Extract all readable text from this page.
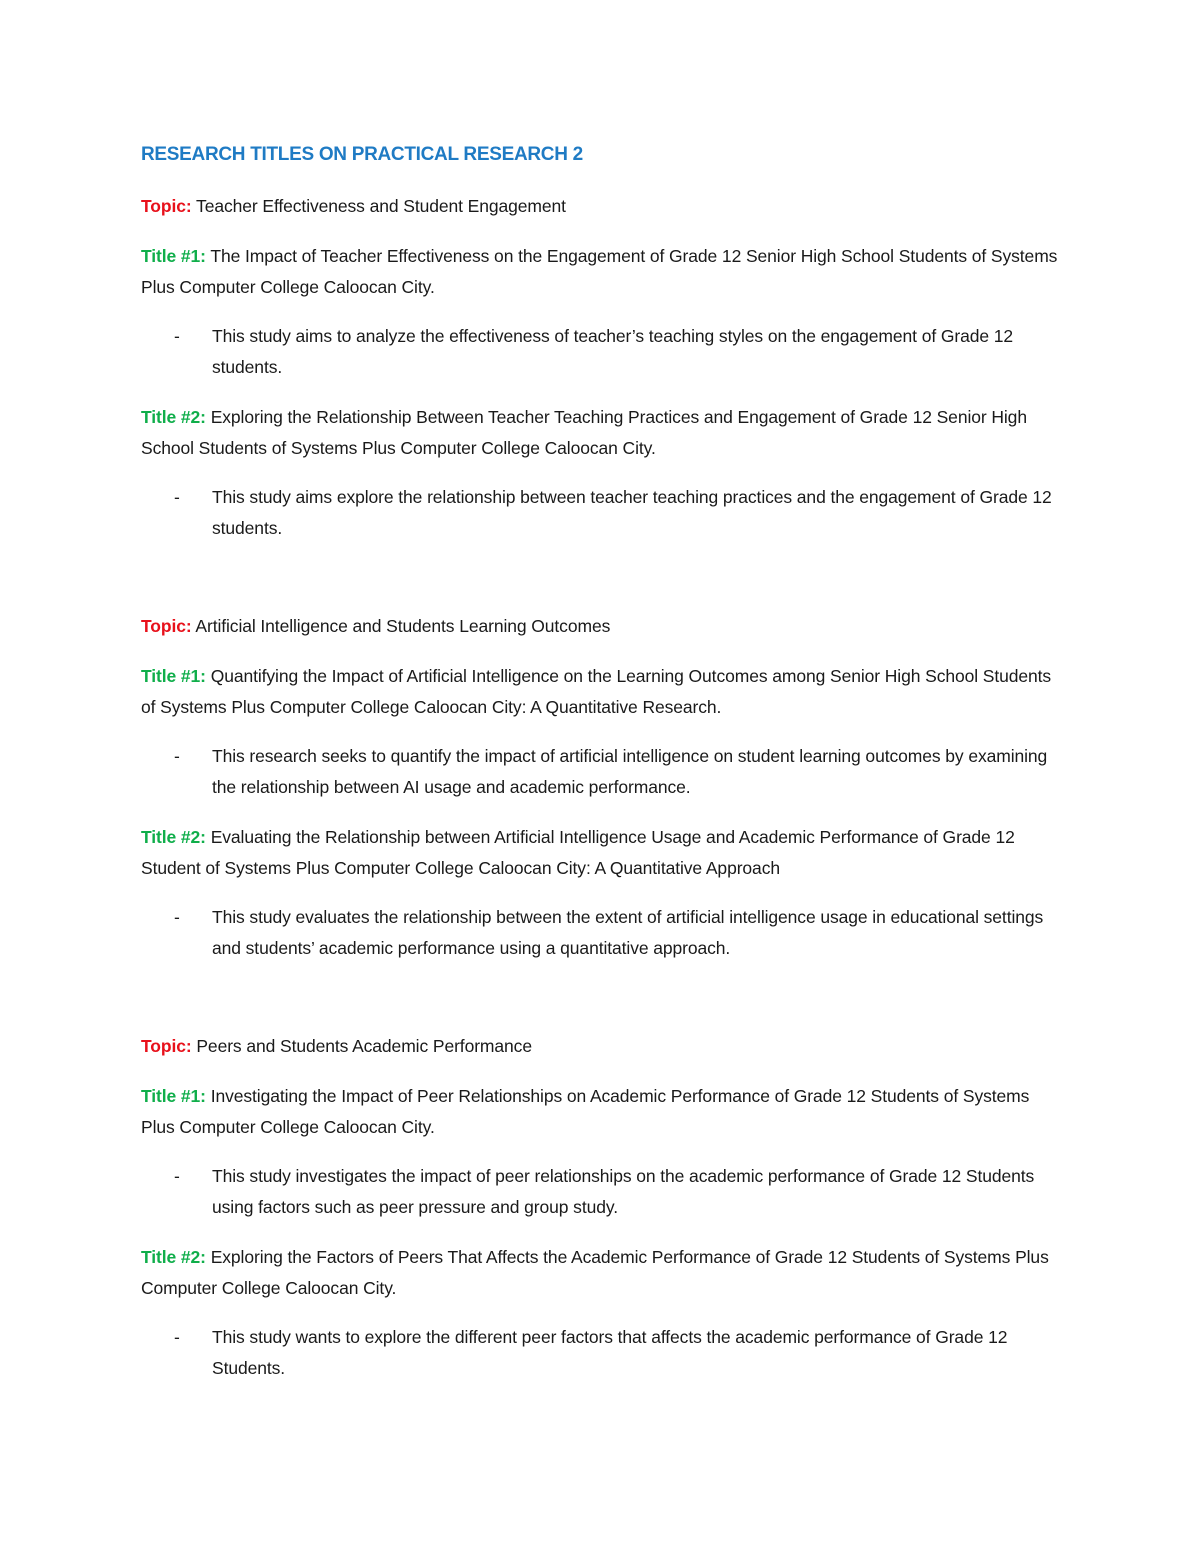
RESEARCH TITLES ON PRACTICAL RESEARCH 2
Topic: Teacher Effectiveness and Student Engagement
Title #1: The Impact of Teacher Effectiveness on the Engagement of Grade 12 Senior High School Students of Systems Plus Computer College Caloocan City.
- This study aims to analyze the effectiveness of teacher’s teaching styles on the engagement of Grade 12 students.
Title #2: Exploring the Relationship Between Teacher Teaching Practices and Engagement of Grade 12 Senior High School Students of Systems Plus Computer College Caloocan City.
- This study aims explore the relationship between teacher teaching practices and the engagement of Grade 12 students.
Topic: Artificial Intelligence and Students Learning Outcomes
Title #1: Quantifying the Impact of Artificial Intelligence on the Learning Outcomes among Senior High School Students of Systems Plus Computer College Caloocan City: A Quantitative Research.
- This research seeks to quantify the impact of artificial intelligence on student learning outcomes by examining the relationship between AI usage and academic performance.
Title #2: Evaluating the Relationship between Artificial Intelligence Usage and Academic Performance of Grade 12 Student of Systems Plus Computer College Caloocan City: A Quantitative Approach
- This study evaluates the relationship between the extent of artificial intelligence usage in educational settings and students’ academic performance using a quantitative approach.
Topic: Peers and Students Academic Performance
Title #1: Investigating the Impact of Peer Relationships on Academic Performance of Grade 12 Students of Systems Plus Computer College Caloocan City.
- This study investigates the impact of peer relationships on the academic performance of Grade 12 Students using factors such as peer pressure and group study.
Title #2: Exploring the Factors of Peers That Affects the Academic Performance of Grade 12 Students of Systems Plus Computer College Caloocan City.
- This study wants to explore the different peer factors that affects the academic performance of Grade 12 Students.
